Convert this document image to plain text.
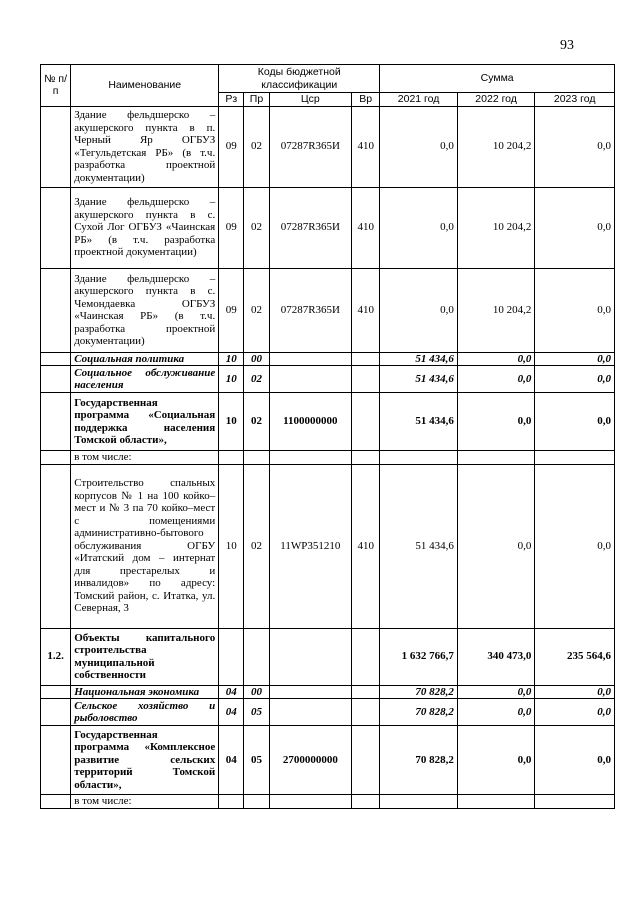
93
№ п/п	Наименование	Коды бюджетной классификации				Сумма		
		Рз	Пр	Цср	Вр	2021 год	2022 год	2023 год
	Здание фельдшерско – акушерского пункта в п. Черный Яр ОГБУЗ «Тегульдетская РБ» (в т.ч. разработка проектной документации)	09	02	07287R365И	410	0,0	10 204,2	0,0
	Здание фельдшерско – акушерского пункта в с. Сухой Лог ОГБУЗ «Чаинская РБ» (в т.ч. разработка проектной документации)	09	02	07287R365И	410	0,0	10 204,2	0,0
	Здание фельдшерско – акушерского пункта в с. Чемондаевка ОГБУЗ «Чаинская РБ» (в т.ч. разработка проектной документации)	09	02	07287R365И	410	0,0	10 204,2	0,0
	Социальная политика	10	00			51 434,6	0,0	0,0
	Социальное обслуживание населения	10	02			51 434,6	0,0	0,0
	Государственная программа «Социальная поддержка населения Томской области»,	10	02	1100000000		51 434,6	0,0	0,0
	в том числе:							
	Строительство спальных корпусов № 1 на 100 койко–мест и № 3 па 70 койко–мест с помещениями административно-бытового обслуживания ОГБУ «Итатский дом – интернат для престарелых и инвалидов» по адресу: Томский район, с. Итатка, ул. Северная, 3	10	02	11WP351210	410	51 434,6	0,0	0,0
1.2.	Объекты капитального строительства муниципальной собственности					1 632 766,7	340 473,0	235 564,6
	Национальная экономика	04	00			70 828,2	0,0	0,0
	Сельское хозяйство и рыболовство	04	05			70 828,2	0,0	0,0
	Государственная программа «Комплексное развитие сельских территорий Томской области»,	04	05	2700000000		70 828,2	0,0	0,0
	в том числе:							
